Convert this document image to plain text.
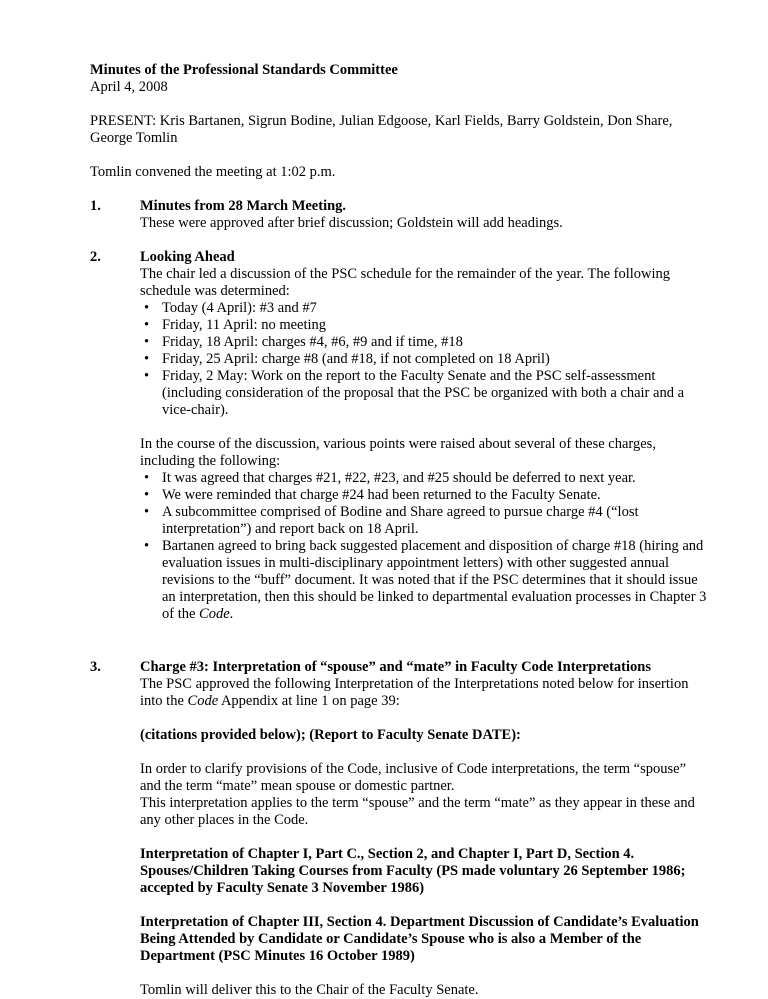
Minutes of the Professional Standards Committee
April 4, 2008
PRESENT: Kris Bartanen, Sigrun Bodine, Julian Edgoose, Karl Fields, Barry Goldstein, Don Share, George Tomlin
Tomlin convened the meeting at 1:02 p.m.
1.	Minutes from 28 March Meeting.
These were approved after brief discussion; Goldstein will add headings.
2.	Looking Ahead
The chair led a discussion of the PSC schedule for the remainder of the year. The following schedule was determined:
• Today (4 April): #3 and #7
• Friday, 11 April: no meeting
• Friday, 18 April: charges #4, #6, #9 and if time, #18
• Friday, 25 April: charge #8 (and #18, if not completed on 18 April)
• Friday, 2 May: Work on the report to the Faculty Senate and the PSC self-assessment (including consideration of the proposal that the PSC be organized with both a chair and a vice-chair).
In the course of the discussion, various points were raised about several of these charges, including the following:
• It was agreed that charges #21, #22, #23, and #25 should be deferred to next year.
• We were reminded that charge #24 had been returned to the Faculty Senate.
• A subcommittee comprised of Bodine and Share agreed to pursue charge #4 (“lost interpretation”) and report back on 18 April.
• Bartanen agreed to bring back suggested placement and disposition of charge #18 (hiring and evaluation issues in multi-disciplinary appointment letters) with other suggested annual revisions to the “buff” document. It was noted that if the PSC determines that it should issue an interpretation, then this should be linked to departmental evaluation processes in Chapter 3 of the Code.
3.	Charge #3: Interpretation of “spouse” and “mate” in Faculty Code Interpretations
The PSC approved the following Interpretation of the Interpretations noted below for insertion into the Code Appendix at line 1 on page 39:
(citations provided below); (Report to Faculty Senate DATE):
In order to clarify provisions of the Code, inclusive of Code interpretations, the term “spouse” and the term “mate” mean spouse or domestic partner.
This interpretation applies to the term “spouse” and the term “mate” as they appear in these and any other places in the Code.
Interpretation of Chapter I, Part C., Section 2, and Chapter I, Part D, Section 4.
Spouses/Children Taking Courses from Faculty (PS made voluntary 26 September 1986; accepted by Faculty Senate 3 November 1986)
Interpretation of Chapter III, Section 4. Department Discussion of Candidate’s Evaluation Being Attended by Candidate or Candidate’s Spouse who is also a Member of the Department (PSC Minutes 16 October 1989)
Tomlin will deliver this to the Chair of the Faculty Senate.
